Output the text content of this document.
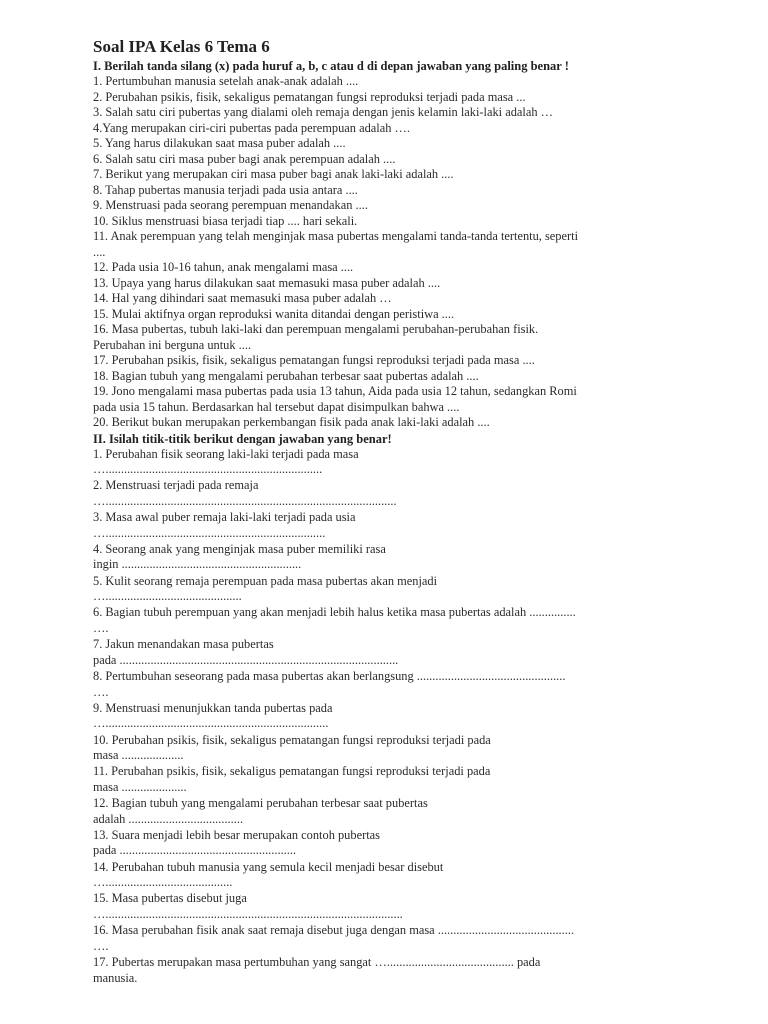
Soal IPA Kelas 6 Tema 6
I. Berilah tanda silang (x) pada huruf a, b, c atau d di depan jawaban yang paling benar !
1. Pertumbuhan manusia setelah anak-anak adalah ....
2. Perubahan psikis, fisik, sekaligus pematangan fungsi reproduksi terjadi pada masa ...
3. Salah satu ciri pubertas yang dialami oleh remaja dengan jenis kelamin laki-laki adalah …
4.Yang merupakan ciri-ciri pubertas pada perempuan adalah ….
5. Yang harus dilakukan saat masa puber adalah ....
6. Salah satu ciri masa puber bagi anak perempuan adalah ....
7. Berikut yang merupakan ciri masa puber bagi anak laki-laki adalah ....
8. Tahap pubertas manusia terjadi pada usia antara ....
9. Menstruasi pada seorang perempuan menandakan ....
10. Siklus menstruasi biasa terjadi tiap .... hari sekali.
11. Anak perempuan yang telah menginjak masa pubertas mengalami tanda-tanda tertentu, seperti
....
12. Pada usia 10-16 tahun, anak mengalami masa ....
13. Upaya yang harus dilakukan saat memasuki masa puber adalah ....
14. Hal yang dihindari saat memasuki masa puber adalah …
15. Mulai aktifnya organ reproduksi wanita ditandai dengan peristiwa ....
16. Masa pubertas, tubuh laki-laki dan perempuan mengalami perubahan-perubahan fisik.
Perubahan ini berguna untuk ....
17. Perubahan psikis, fisik, sekaligus pematangan fungsi reproduksi terjadi pada masa ....
18. Bagian tubuh yang mengalami perubahan terbesar saat pubertas adalah ....
19. Jono mengalami masa pubertas pada usia 13 tahun, Aida pada usia 12 tahun, sedangkan Romi
pada usia 15 tahun. Berdasarkan hal tersebut dapat disimpulkan bahwa ....
20. Berikut bukan merupakan perkembangan fisik pada anak laki-laki adalah ....
II. Isilah titik-titik berikut dengan jawaban yang benar!
1. Perubahan fisik seorang laki-laki terjadi pada masa
…......................................................................
2. Menstruasi terjadi pada remaja
…..............................................................................................
3. Masa awal puber remaja laki-laki terjadi pada usia
….......................................................................
4. Seorang anak yang menginjak masa puber memiliki rasa
ingin ..........................................................
5. Kulit seorang remaja perempuan pada masa pubertas akan menjadi
…............................................
6. Bagian tubuh perempuan yang akan menjadi lebih halus ketika masa pubertas adalah ...............
….
7. Jakun menandakan masa pubertas
pada ..........................................................................................
8. Pertumbuhan seseorang pada masa pubertas akan berlangsung ................................................
….
9. Menstruasi menunjukkan tanda pubertas pada
…........................................................................
10. Perubahan psikis, fisik, sekaligus pematangan fungsi reproduksi terjadi pada
masa ....................
11. Perubahan psikis, fisik, sekaligus pematangan fungsi reproduksi terjadi pada
masa .....................
12. Bagian tubuh yang mengalami perubahan terbesar saat pubertas
adalah .....................................
13. Suara menjadi lebih besar merupakan contoh pubertas
pada .........................................................
14. Perubahan tubuh manusia yang semula kecil menjadi besar disebut
….........................................
15. Masa pubertas disebut juga
…................................................................................................
16. Masa perubahan fisik anak saat remaja disebut juga dengan masa ............................................
….
17. Pubertas merupakan masa pertumbuhan yang sangat …......................................... pada
manusia.
